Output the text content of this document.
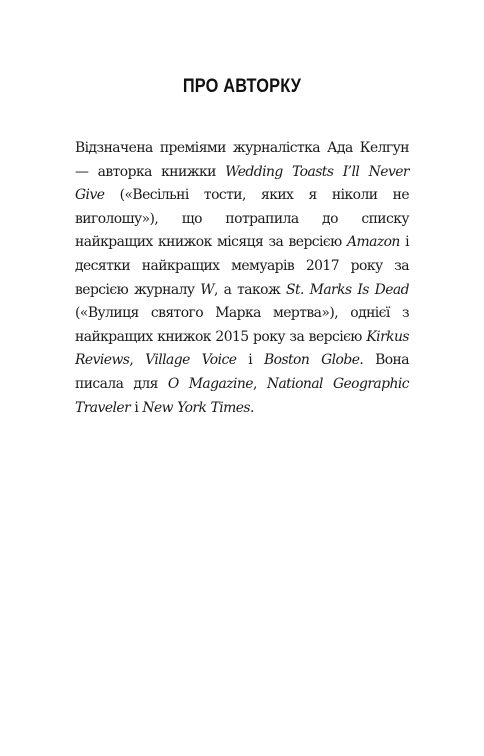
ПРО АВТОРКУ

Відзначена преміями журналістка Ада Келгун — авторка книжки Wedding Toasts I’ll Never Give («Весільні тости, яких я ніколи не виголошу»), що потрапила до списку найкращих книжок місяця за версією Amazon і десятки найкращих мемуарів 2017 року за версією журналу W, а також St. Marks Is Dead («Вулиця святого Марка мертва»), однієї з найкращих книжок 2015 року за версією Kirkus Reviews, Village Voice і Boston Globe. Вона писала для O Magazine, National Geographic Traveler і New York Times.
